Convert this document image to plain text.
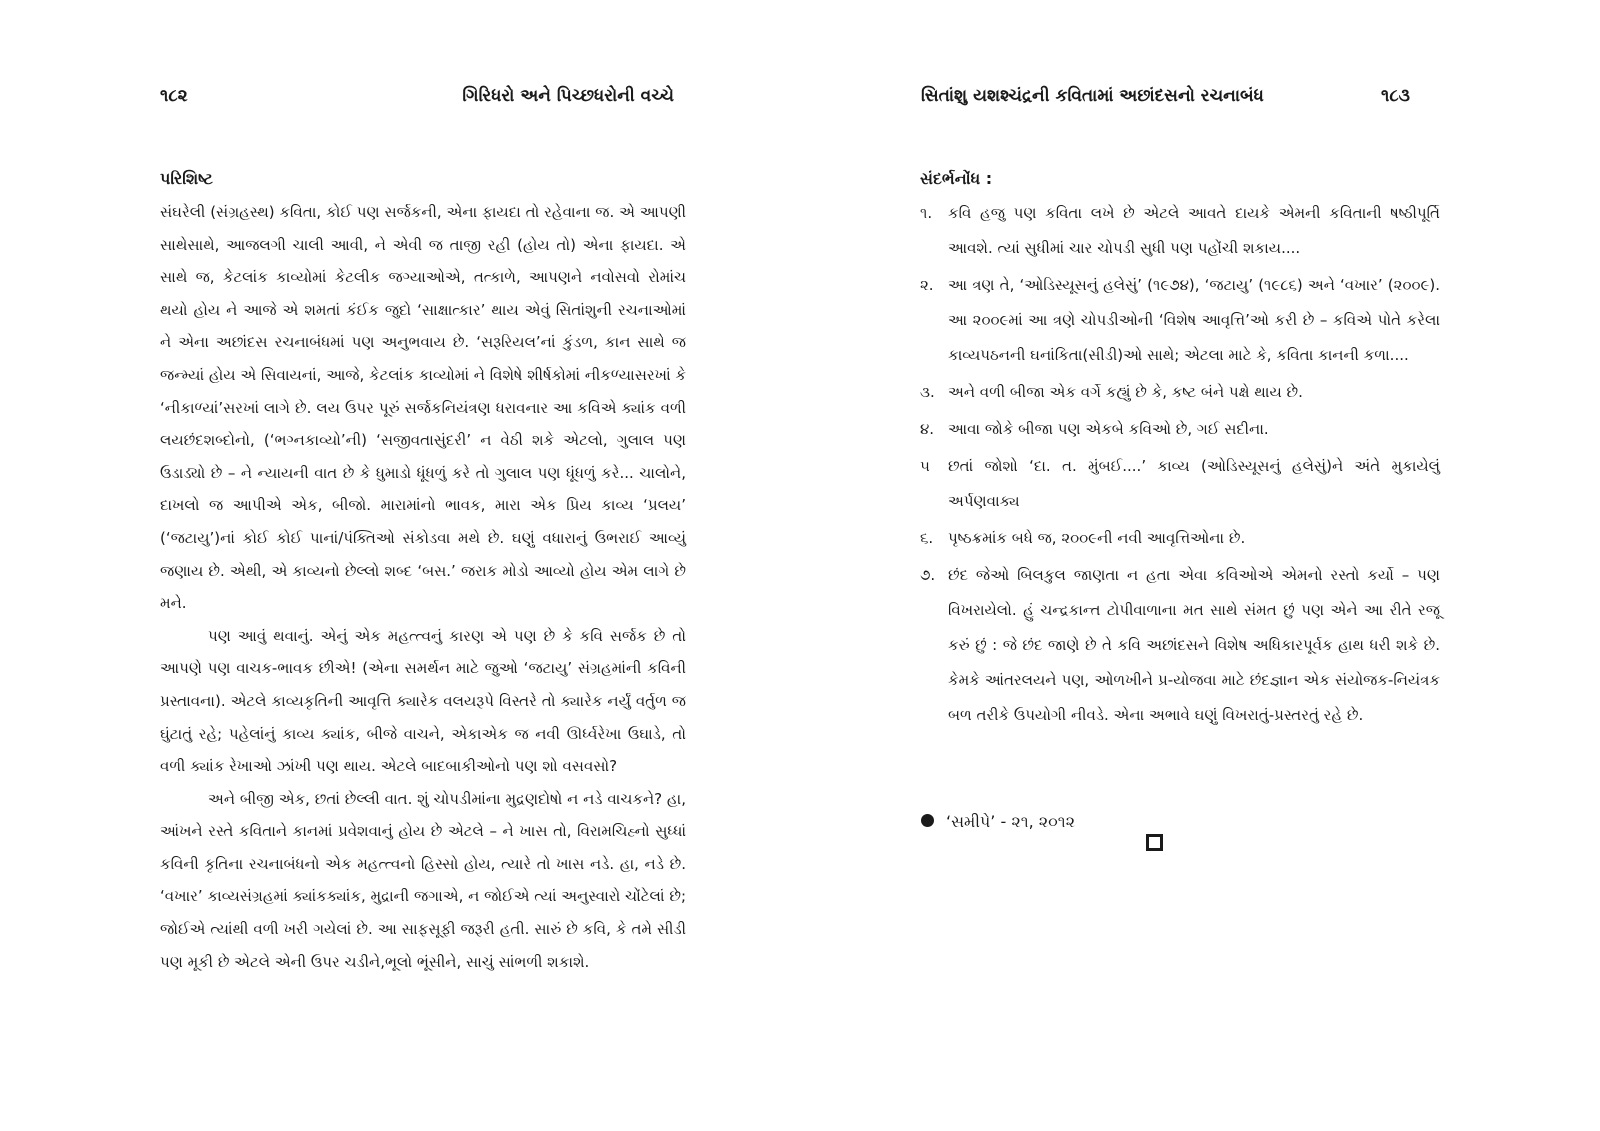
૧૮૨	ગિરિધરો અને પિચ્છધરોની વચ્ચે
પરિશિષ્ટ

સંઘરેલી (સંગ્રહસ્થ) કવિતા, કોઈ પણ સર્જકની, એના ફાયદા તો રહેવાના જ. એ આપણી સાથેસાથે, આજલગી ચાલી આવી, ને એવી જ તાજી રહી (હોય તો) એના ફાયદા. એ સાથે જ, કેટલાંક કાવ્યોમાં કેટલીક જગ્યાઓએ, તત્કાળે, આપણને નવોસવો રોમાંચ થયો હોય ને આજે એ શમતાં કંઈક જુદો ‘સાક્ષાત્કાર’ થાય એવું સિતાંશુની રચનાઓમાં ને એના અછાંદસ રચનાબંધમાં પણ અનુભવાય છે. ‘સરૂરિયલ’નાં કુંડળ, કાન સાથે જ જન્મ્યાં હોય એ સિવાયનાં, આજે, કેટલાંક કાવ્યોમાં ને વિશેષે શીર્ષકોમાં નીકળ્યાસરખાં કે ‘નીકાળ્યાં’સરખાં લાગે છે. લય ઉપર પૂરું સર્જકનિયંત્રણ ધરાવનાર આ કવિએ ક્યાંક વળી લયછંદશબ્દોનો, (‘ભગ્નકાવ્યો’ની) ‘સજીવતાસુંદરી’ ન વેઠી શકે એટલો, ગુલાલ પણ ઉડાડ્યો છે – ને ન્યાયની વાત છે કે ધુમાડો ધૂંધળું કરે તો ગુલાલ પણ ધૂંધળું કરે... ચાલોને, દાખલો જ આપીએ એક, બીજો. મારામાંનો ભાવક, મારા એક પ્રિય કાવ્ય ‘પ્રલય’ (‘જટાયુ’)નાં કોઈ કોઈ પાનાં/પંક્તિઓ સંકોડવા મથે છે. ઘણું વધારાનું ઉભરાઈ આવ્યું જણાય છે. એથી, એ કાવ્યનો છેલ્લો શબ્દ ‘બસ.’ જરાક મોડો આવ્યો હોય એમ લાગે છે મને.

પણ આવું થવાનું. એનું એક મહત્ત્વનું કારણ એ પણ છે કે કવિ સર્જક છે તો આપણે પણ વાચક-ભાવક છીએ! (એના સમર્થન માટે જુઓ ‘જટાયુ’ સંગ્રહમાંની કવિની પ્રસ્તાવના). એટલે કાવ્યકૃતિની આવૃત્તિ ક્યારેક વલયરૂપે વિસ્તરે તો ક્યારેક નર્યું વર્તુળ જ ઘુંટાતું રહે; પહેલાંનું કાવ્ય ક્યાંક, બીજે વાચને, એકાએક જ નવી ઊર્ધ્વરેખા ઉઘાડે, તો વળી ક્યાંક રેખાઓ ઝાંખી પણ થાય. એટલે બાદબાકીઓનો પણ શો વસવસો?

અને બીજી એક, છતાં છેલ્લી વાત. શું ચોપડીમાંના મુદ્રણદોષો ન નડે વાચકને? હા, આંખને રસ્તે કવિતાને કાનમાં પ્રવેશવાનું હોય છે એટલે – ને ખાસ તો, વિરામચિહ્નો સુધ્ધાં કવિની કૃતિના રચનાબંધનો એક મહત્ત્વનો હિસ્સો હોય, ત્યારે તો ખાસ નડે. હા, નડે છે. ‘વખાર’ કાવ્યસંગ્રહમાં ક્યાંકક્યાંક, મુદ્રાની જગાએ, ન જોઈએ ત્યાં અનુસ્વારો ચોંટેલાં છે; જોઈએ ત્યાંથી વળી ખરી ગયેલાં છે. આ સાફસૂફી જરૂરી હતી. સારું છે કવિ, કે તમે સીડી પણ મૂકી છે એટલે એની ઉપર ચડીને,ભૂલો ભૂંસીને, સાચું સાંભળી શકાશે.

સિતાંશુ યશશ્ચંદ્રની કવિતામાં અછાંદસનો રચનાબંધ	૧૮૩
સંદર્ભનોંધ :
૧.	કવિ હજુ પણ કવિતા લખે છે એટલે આવતે દાયકે એમની કવિતાની ષષ્ઠીપૂર્તિ આવશે. ત્યાં સુધીમાં ચાર ચોપડી સુધી પણ પહોંચી શકાય....
૨. આ ત્રણ તે, ‘ઓડિસ્યૂસનું હલેસું’ (૧૯૭૪), ‘જટાયુ’ (૧૯૮૬) અને ‘વખાર’ (૨૦૦૯). આ ૨૦૦૯માં આ ત્રણે ચોપડીઓની ‘વિશેષ આવૃત્તિ’ઓ કરી છે – કવિએ પોતે કરેલા કાવ્યપઠનની ઘનાંકિતા(સીડી)ઓ સાથે; એટલા માટે કે, કવિતા કાનની કળા....
૩. અને વળી બીજા એક વર્ગે કહ્યું છે કે, કષ્ટ બંને પક્ષે થાય છે.
૪. આવા જોકે બીજા પણ એકબે કવિઓ છે, ગઈ સદીના.
૫	છતાં જોશો ‘દા. ત. મુંબઈ....’ કાવ્ય (ઓડિસ્યૂસનું હલેસું)ને અંતે મુકાયેલું અર્પણવાક્ય
૬. પૃષ્ઠક્રમાંક બધે જ, ૨૦૦૯ની નવી આવૃત્તિઓના છે.
૭. છંદ જેઓ બિલકુલ જાણતા ન હતા એવા કવિઓએ એમનો રસ્તો કર્યો – પણ વિખરાયેલો. હું ચન્દ્રકાન્ત ટોપીવાળાના મત સાથે સંમત છું પણ એને આ રીતે રજૂ કરું છું : જે છંદ જાણે છે તે કવિ અછાંદસને વિશેષ અધિકારપૂર્વક હાથ ધરી શકે છે. કેમકે આંતરલયને પણ, ઓળખીને પ્ર-યોજવા માટે છંદજ્ઞાન એક સંયોજક-નિયંત્રક બળ તરીકે ઉપયોગી નીવડે. એના અભાવે ઘણું વિખરાતું-પ્રસ્તરતું રહે છે.
‘સમીપે’ - ૨૧, ૨૦૧૨
